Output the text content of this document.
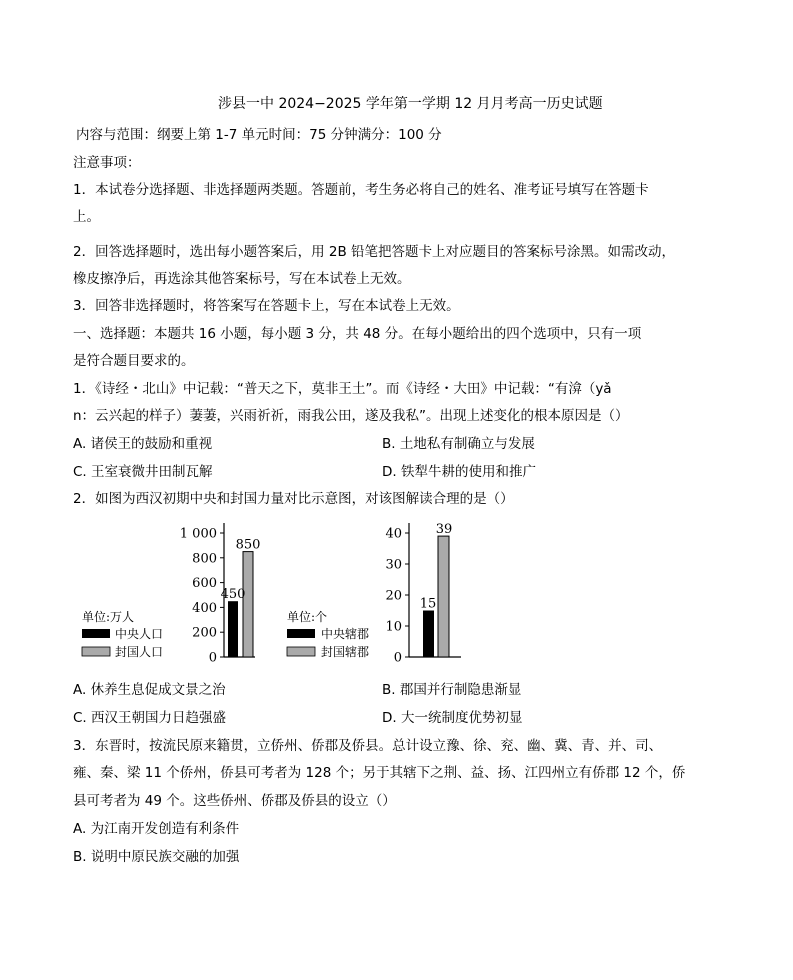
涉县一中 2024−2025 学年第一学期 12 月月考高一历史试题
内容与范围：纲要上第 1-7 单元时间：75 分钟满分：100 分
注意事项：
1．本试卷分选择题、非选择题两类题。答题前，考生务必将自己的姓名、准考证号填写在答题卡
上。
2．回答选择题时，选出每小题答案后，用 2B 铅笔把答题卡上对应题目的答案标号涂黑。如需改动，
橡皮擦净后，再选涂其他答案标号，写在本试卷上无效。
3．回答非选择题时，将答案写在答题卡上，写在本试卷上无效。
一、选择题：本题共 16 小题，每小题 3 分，共 48 分。在每小题给出的四个选项中，只有一项
是符合题目要求的。
1．《诗经・北山》中记载：“普天之下，莫非王土”。而《诗经・大田》中记载：“有渰（yǎ
n：云兴起的样子）萋萋，兴雨祈祈，雨我公田，遂及我私”。出现上述变化的根本原因是（）
A. 诸侯王的鼓励和重视	B. 土地私有制确立与发展
C. 王室衰微井田制瓦解	D. 铁犁牛耕的使用和推广
2．如图为西汉初期中央和封国力量对比示意图，对该图解读合理的是（）
0
200
400
600
800
1 000
450
850
单位:万人
中央人口
封国人口	0
10
20
30
40
15
39
单位:个
中央辖郡
封国辖郡
A. 休养生息促成文景之治	B. 郡国并行制隐患渐显
C. 西汉王朝国力日趋强盛	D. 大一统制度优势初显
3．东晋时，按流民原来籍贯，立侨州、侨郡及侨县。总计设立豫、徐、兖、幽、冀、青、并、司、
雍、秦、梁 11 个侨州，侨县可考者为 128 个；另于其辖下之荆、益、扬、江四州立有侨郡 12 个，侨
县可考者为 49 个。这些侨州、侨郡及侨县的设立（）
A. 为江南开发创造有利条件
B. 说明中原民族交融的加强
